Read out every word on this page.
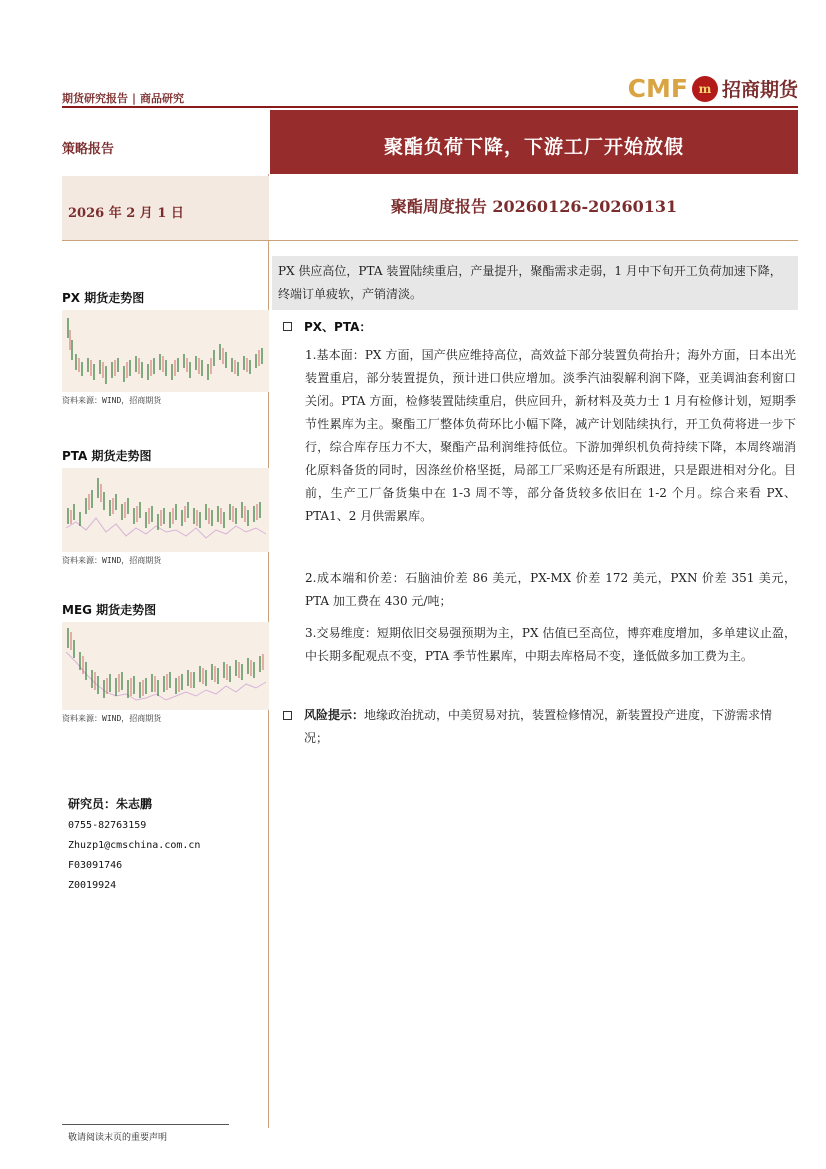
期货研究报告 | 商品研究	CMF m 招商期货
策略报告
2026 年 2 月 1 日
聚酯负荷下降，下游工厂开始放假
聚酯周度报告 20260126-20260131
PX 期货走势图
资料来源：WIND，招商期货
PTA 期货走势图
资料来源：WIND，招商期货
MEG 期货走势图
资料来源：WIND，招商期货
研究员：朱志鹏
0755-82763159
Zhuzp1@cmschina.com.cn
F03091746
Z0019924
PX 供应高位，PTA 装置陆续重启，产量提升，聚酯需求走弱，1 月中下旬开工负荷加速下降，终端订单疲软，产销清淡。
PX、PTA：
1.基本面：PX 方面，国产供应维持高位，高效益下部分装置负荷抬升；海外方面，日本出光装置重启，部分装置提负，预计进口供应增加。淡季汽油裂解利润下降，亚美调油套利窗口关闭。PTA 方面，检修装置陆续重启，供应回升，新材料及英力士 1 月有检修计划，短期季节性累库为主。聚酯工厂整体负荷环比小幅下降，减产计划陆续执行，开工负荷将进一步下行，综合库存压力不大，聚酯产品利润维持低位。下游加弹织机负荷持续下降，本周终端消化原料备货的同时，因涤丝价格坚挺，局部工厂采购还是有所跟进，只是跟进相对分化。目前，生产工厂备货集中在 1-3 周不等，部分备货较多依旧在 1-2 个月。综合来看 PX、PTA1、2 月供需累库。
2.成本端和价差：石脑油价差 86 美元，PX-MX 价差 172 美元，PXN 价差 351 美元，PTA 加工费在 430 元/吨；
3.交易维度：短期依旧交易强预期为主，PX 估值已至高位，博弈难度增加，多单建议止盈，中长期多配观点不变，PTA 季节性累库，中期去库格局不变，逢低做多加工费为主。
风险提示：地缘政治扰动，中美贸易对抗，装置检修情况，新装置投产进度，下游需求情况；
敬请阅读末页的重要声明
